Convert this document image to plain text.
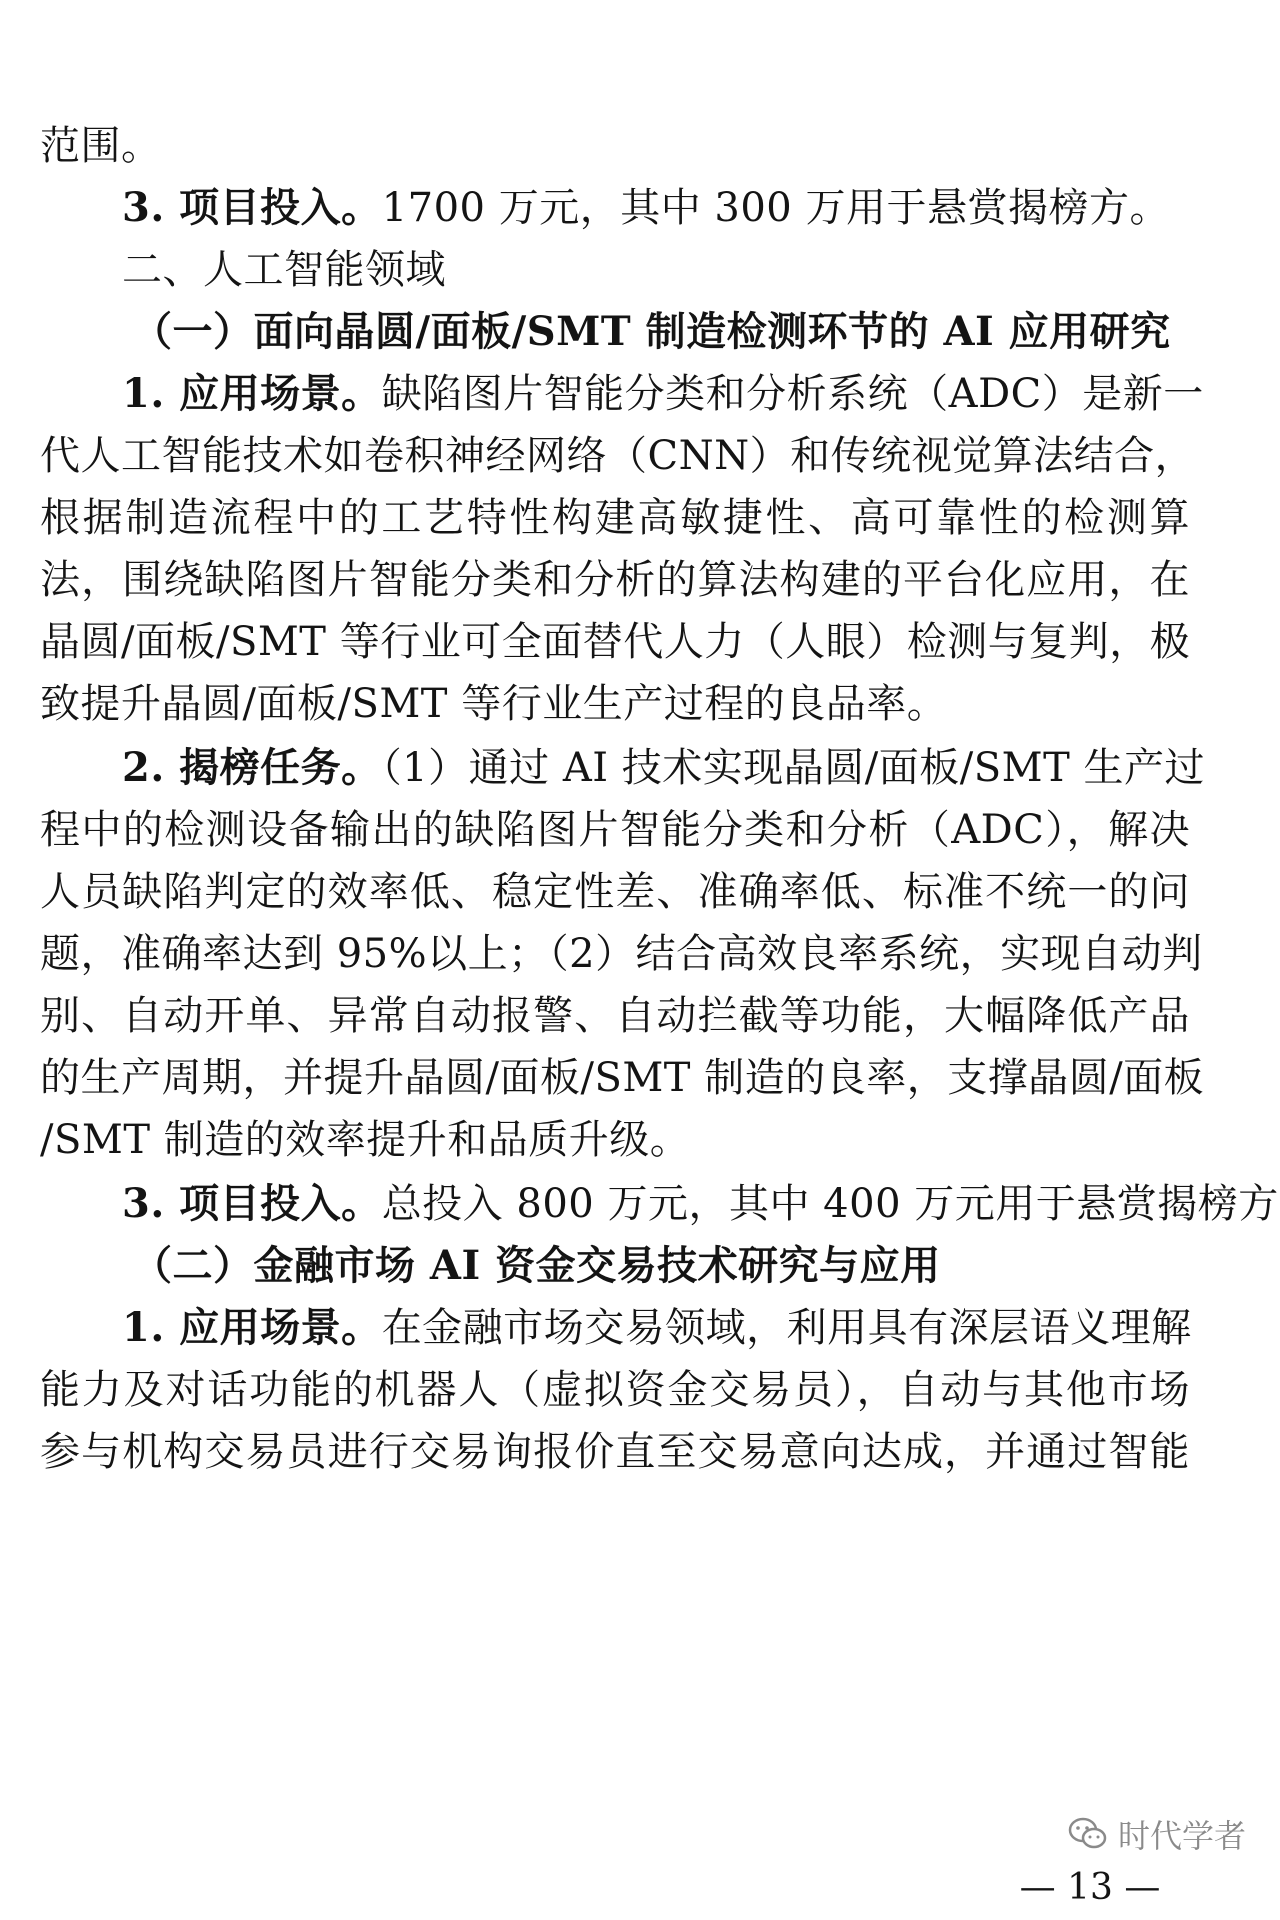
范围。
3. 项目投入。1700 万元，其中 300 万用于悬赏揭榜方。
二、人工智能领域
（一）面向晶圆/面板/SMT 制造检测环节的 AI 应用研究
1. 应用场景。缺陷图片智能分类和分析系统（ADC）是新一
代人工智能技术如卷积神经网络（CNN）和传统视觉算法结合，
根据制造流程中的工艺特性构建高敏捷性、高可靠性的检测算
法，围绕缺陷图片智能分类和分析的算法构建的平台化应用，在
晶圆/面板/SMT 等行业可全面替代人力（人眼）检测与复判，极
致提升晶圆/面板/SMT 等行业生产过程的良品率。
2. 揭榜任务。（1）通过 AI 技术实现晶圆/面板/SMT 生产过
程中的检测设备输出的缺陷图片智能分类和分析（ADC），解决
人员缺陷判定的效率低、稳定性差、准确率低、标准不统一的问
题，准确率达到 95%以上；（2）结合高效良率系统，实现自动判
别、自动开单、异常自动报警、自动拦截等功能，大幅降低产品
的生产周期，并提升晶圆/面板/SMT 制造的良率，支撑晶圆/面板
/SMT 制造的效率提升和品质升级。
3. 项目投入。总投入 800 万元，其中 400 万元用于悬赏揭榜方
（二）金融市场 AI 资金交易技术研究与应用
1. 应用场景。在金融市场交易领域，利用具有深层语义理解
能力及对话功能的机器人（虚拟资金交易员），自动与其他市场
参与机构交易员进行交易询报价直至交易意向达成，并通过智能
时代学者
— 13 —
